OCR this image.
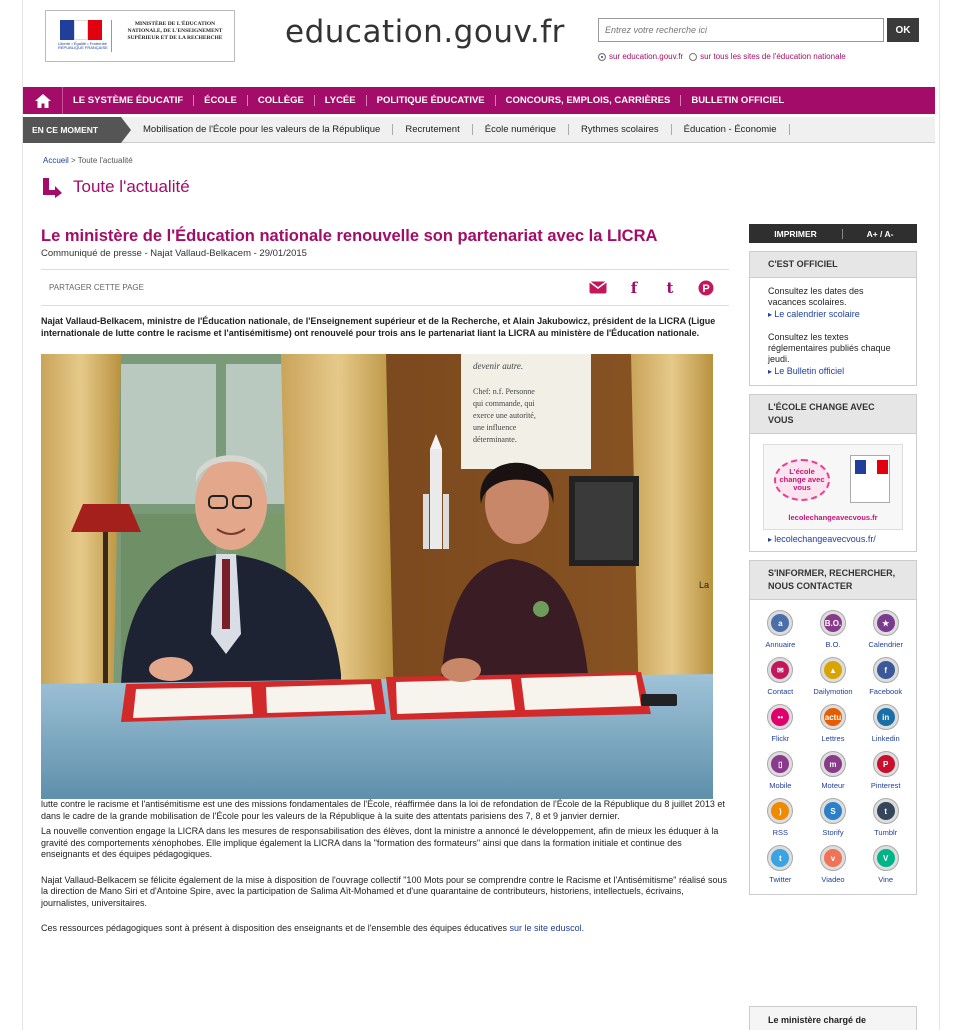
Liberté • Égalité • Fraternité RÉPUBLIQUE FRANÇAISE
MINISTÈRE DE L'ÉDUCATION NATIONALE, DE L'ENSEIGNEMENT SUPÉRIEUR ET DE LA RECHERCHE education.gouv.fr
Entrez votre recherche ici	OK
sur education.gouv.fr	sur tous les sites de l'éducation nationale
LE SYSTÈME ÉDUCATIF	ÉCOLE	COLLÈGE	LYCÉE	POLITIQUE ÉDUCATIVE	CONCOURS, EMPLOIS, CARRIÈRES	BULLETIN OFFICIEL
EN CE MOMENT	Mobilisation de l'École pour les valeurs de la République	Recrutement	École numérique	Rythmes scolaires	Éducation - Économie
Accueil > Toute l'actualité
Toute l'actualité
Le ministère de l'Éducation nationale renouvelle son partenariat avec la LICRA
Communiqué de presse - Najat Vallaud-Belkacem - 29/01/2015
PARTAGER CETTE PAGE	f	t	P

Najat Vallaud-Belkacem, ministre de l'Éducation nationale, de l'Enseignement supérieur et de la Recherche, et Alain Jakubowicz, président de la LICRA (Ligue internationale de lutte contre le racisme et l'antisémitisme) ont renouvelé pour trois ans le partenariat liant la LICRA au ministère de l'Éducation nationale.

devenir autre.
Chef: n.f. Personne
qui commande, qui
exerce une autorité,
une influence
déterminante.

lutte contre le racisme et l'antisémitisme est une des missions fondamentales de l'École, réaffirmée dans la loi de refondation de l'École de la République du 8 juillet 2013 et dans le cadre de la grande mobilisation de l'École pour les valeurs de la République à la suite des attentats parisiens des 7, 8 et 9 janvier dernier.

La nouvelle convention engage la LICRA dans les mesures de responsabilisation des élèves, dont la ministre a annoncé le développement, afin de mieux les éduquer à la gravité des comportements xénophobes. Elle implique également la LICRA dans la "formation des formateurs" ainsi que dans la formation initiale et continue des enseignants et des équipes pédagogiques.

Najat Vallaud-Belkacem se félicite également de la mise à disposition de l'ouvrage collectif "100 Mots pour se comprendre contre le Racisme et l'Antisémitisme" réalisé sous la direction de Mano Siri et d'Antoine Spire, avec la participation de Salima Aït-Mohamed et d'une quarantaine de contributeurs, historiens, intellectuels, écrivains, journalistes, universitaires.

Ces ressources pédagogiques sont à présent à disposition des enseignants et de l'ensemble des équipes éducatives sur le site eduscol.

La
IMPRIMER	A+ / A-
C'EST OFFICIEL
Consultez les dates des vacances scolaires.
▸ Le calendrier scolaire
Consultez les textes réglementaires publiés chaque jeudi.
▸ Le Bulletin officiel
L'ÉCOLE CHANGE AVEC VOUS
L'école change avec vous
lecolechangeavecvous.fr
▸ lecolechangeavecvous.fr/
S'INFORMER, RECHERCHER, NOUS CONTACTER
a
Annuaire
B.O.
B.O.
★
Calendrier
✉
Contact
▲
Dailymotion
f
Facebook
••
Flickr
actu
Lettres
in
Linkedin
▯
Mobile
m
Moteur
P
Pinterest
)
RSS
S
Storify
t
Tumblr
t
Twitter
v
Viadeo
V
Vine
Le ministère chargé de
